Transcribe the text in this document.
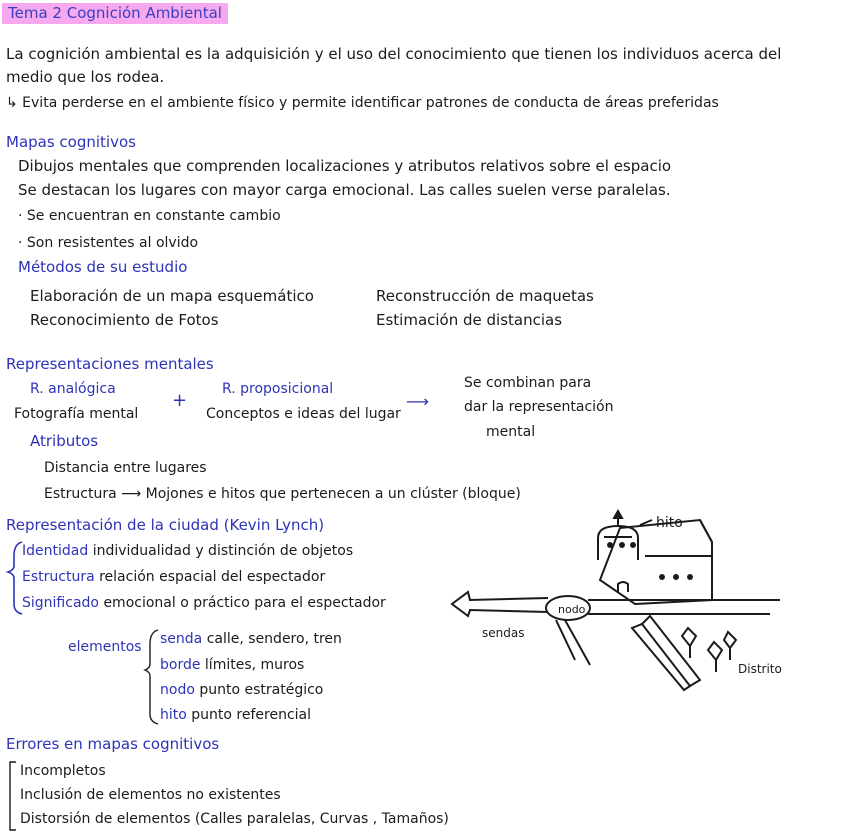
Tema 2 Cognición Ambiental
La cognición ambiental es la adquisición y el uso del conocimiento que tienen los individuos acerca del
medio que los rodea.
↳ Evita perderse en el ambiente físico y permite identificar patrones de conducta de áreas preferidas
Mapas cognitivos
Dibujos mentales que comprenden localizaciones y atributos relativos sobre el espacio
Se destacan los lugares con mayor carga emocional. Las calles suelen verse paralelas.
· Se encuentran en constante cambio
· Son resistentes al olvido
Métodos de su estudio
Elaboración de un mapa esquemático	Reconstrucción de maquetas
Reconocimiento de Fotos	Estimación de distancias
Representaciones mentales
R. analógica
Fotografía mental
+
R. proposicional
Conceptos e ideas del lugar
⟶
Se combinan para
dar la representación
mental
Atributos
Distancia entre lugares
Estructura ⟶ Mojones e hitos que pertenecen a un clúster (bloque)
Representación de la ciudad (Kevin Lynch)
Identidad individualidad y distinción de objetos
Estructura relación espacial del espectador
Significado emocional o práctico para el espectador
elementos senda calle, sendero, tren
borde límites, muros
nodo punto estratégico
hito punto referencial
Errores en mapas cognitivos
Incompletos
Inclusión de elementos no existentes
Distorsión de elementos (Calles paralelas, Curvas , Tamaños)
hito
nodo
sendas
Distrito
